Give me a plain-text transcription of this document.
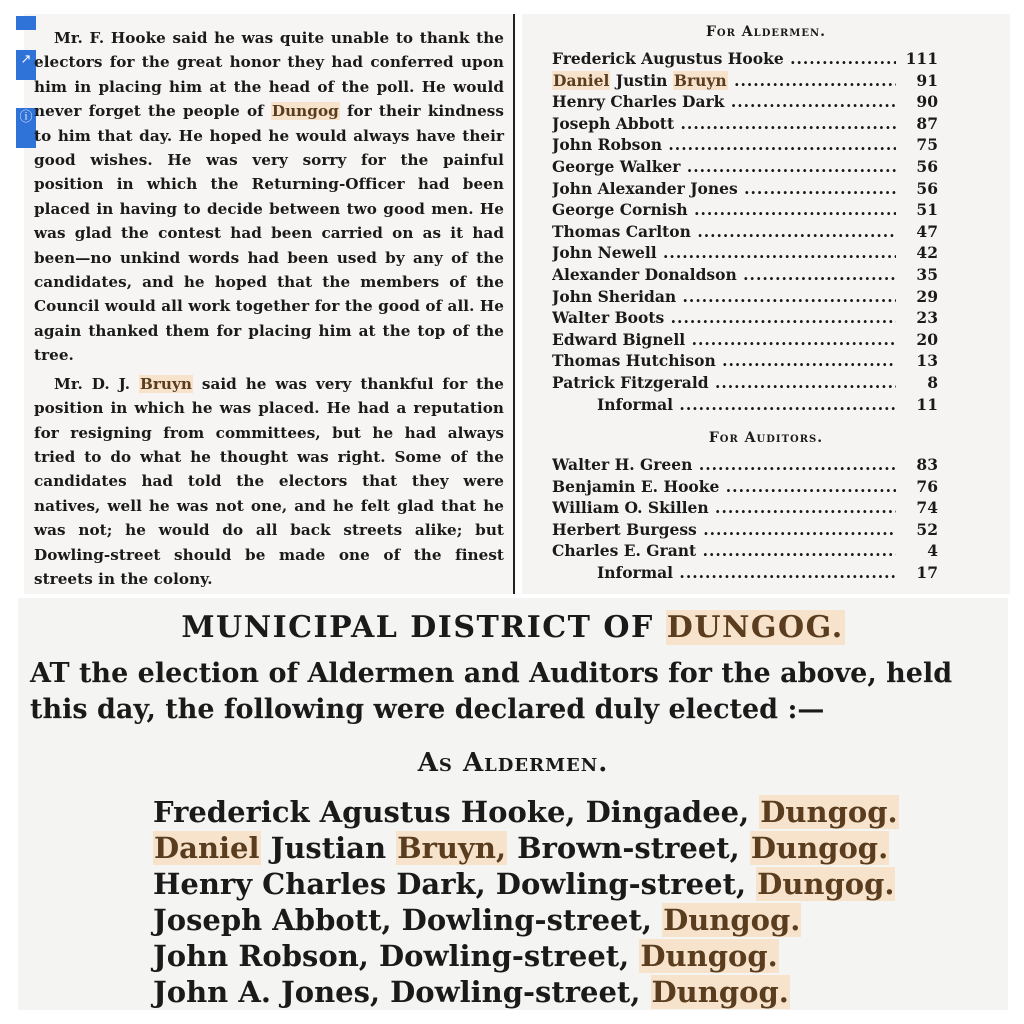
↗
ⓘ

Mr. F. Hooke said he was quite unable to thank the electors for the great honor they had conferred upon him in placing him at the head of the poll. He would never forget the people of Dungog for their kindness to him that day. He hoped he would always have their good wishes. He was very sorry for the painful position in which the Returning-Officer had been placed in having to decide between two good men. He was glad the contest had been carried on as it had been—no unkind words had been used by any of the candidates, and he hoped that the members of the Council would all work together for the good of all. He again thanked them for placing him at the top of the tree.

Mr. D. J. Bruyn said he was very thankful for the position in which he was placed. He had a reputation for resigning from committees, but he had always tried to do what he thought was right. Some of the candidates had told the electors that they were natives, well he was not one, and he felt glad that he was not; he would do all back streets alike; but Dowling-street should be made one of the finest streets in the colony.

For Aldermen.
Frederick Augustus Hooke .....	111
Daniel Justin Bruyn .....	91
Henry Charles Dark .....	90
Joseph Abbott .....	87
John Robson .....	75
George Walker .....	56
John Alexander Jones .....	56
George Cornish .....	51
Thomas Carlton .....	47
John Newell .....	42
Alexander Donaldson .....	35
John Sheridan .....	29
Walter Boots .....	23
Edward Bignell .....	20
Thomas Hutchison .....	13
Patrick Fitzgerald .....	8
Informal .....	11
For Auditors.
Walter H. Green .....	83
Benjamin E. Hooke .....	76
William O. Skillen .....	74
Herbert Burgess .....	52
Charles E. Grant .....	4
Informal .....	17
MUNICIPAL DISTRICT OF DUNGOG.
AT the election of Aldermen and Auditors for the above, held this day, the following were declared duly elected :—
As Aldermen.
Frederick Agustus Hooke, Dingadee, Dungog.
Daniel Justian Bruyn, Brown-street, Dungog.
Henry Charles Dark, Dowling-street, Dungog.
Joseph Abbott, Dowling-street, Dungog.
John Robson, Dowling-street, Dungog.
John A. Jones, Dowling-street, Dungog.
